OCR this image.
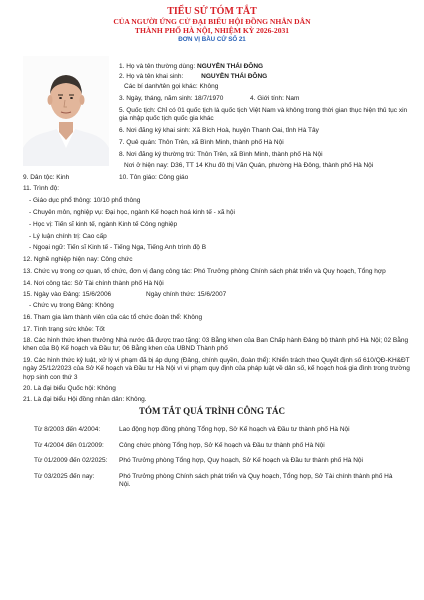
TIỂU SỬ TÓM TẮT
CỦA NGƯỜI ỨNG CỬ ĐẠI BIỂU HỘI ĐỒNG NHÂN DÂN
THÀNH PHỐ HÀ NỘI, NHIỆM KỲ 2026-2031
ĐƠN VỊ BẦU CỬ SỐ 21
1. Họ và tên thường dùng: NGUYỄN THÁI ĐÔNG
2. Họ và tên khai sinh: NGUYỄN THÁI ĐÔNG
Các bí danh/tên gọi khác: Không
3. Ngày, tháng, năm sinh: 18/7/1970	4. Giới tính: Nam
5. Quốc tịch: Chỉ có 01 quốc tịch là quốc tịch Việt Nam và không trong thời gian thục hiện thủ tục xin gia nhập quốc tịch quốc gia khác
6. Nơi đăng ký khai sinh: Xã Bích Hoà, huyện Thanh Oai, tỉnh Hà Tây
7. Quê quán: Thôn Trên, xã Bình Minh, thành phố Hà Nội
8. Nơi đăng ký thường trú: Thôn Trên, xã Bình Minh, thành phố Hà Nội
Nơi ở hiện nay: D36, TT 14 Khu đô thị Văn Quán, phường Hà Đông, thành phố Hà Nội
9. Dân tộc: Kinh	10. Tôn giáo: Công giáo
11. Trình độ:
- Giáo dục phổ thông: 10/10 phổ thông
- Chuyên môn, nghiệp vụ: Đại học, ngành Kế hoạch hoá kinh tế - xã hội
- Học vị: Tiến sĩ kinh tế, ngành Kinh tế Công nghiệp
- Lý luận chính trị: Cao cấp
- Ngoại ngữ: Tiến sĩ Kinh tế - Tiếng Nga, Tiếng Anh trình độ B
12. Nghề nghiệp hiện nay: Công chức
13. Chức vụ trong cơ quan, tổ chức, đơn vị đang công tác: Phó Trưởng phòng Chính sách phát triển và Quy hoạch, Tổng hợp
14. Nơi công tác: Sở Tài chính thành phố Hà Nội
15. Ngày vào Đảng: 15/6/2006	Ngày chính thức: 15/6/2007
- Chức vụ trong Đảng: Không
16. Tham gia làm thành viên của các tổ chức đoàn thể: Không
17. Tình trạng sức khỏe: Tốt
18. Các hình thức khen thưởng Nhà nước đã được trao tặng: 03 Bằng khen của Ban Chấp hành Đảng bộ thành phố Hà Nội; 02 Bằng khen của Bộ Kế hoạch và Đầu tư; 06 Bằng khen của UBND Thành phố
19. Các hình thức kỷ luật, xử lý vi phạm đã bị áp dụng (Đảng, chính quyền, đoàn thể): Khiển trách theo Quyết định số 610/QĐ-KH&ĐT ngày 25/12/2023 của Sở Kế hoạch và Đầu tư Hà Nội vì vi phạm quy định của pháp luật về dân số, kế hoạch hoá gia đình trong trường hợp sinh con thứ 3
20. Là đại biểu Quốc hội: Không
21. Là đại biểu Hội đồng nhân dân: Không.
TÓM TẮT QUÁ TRÌNH CÔNG TÁC
Từ 8/2003 đến 4/2004:	Lao động hợp đồng phòng Tổng hợp, Sở Kế hoạch và Đầu tư thành phố Hà Nội
Từ 4/2004 đến 01/2009: Công chức phòng Tổng hợp, Sở Kế hoạch và Đầu tư thành phố Hà Nội
Từ 01/2009 đến 02/2025: Phó Trưởng phòng Tổng hợp, Quy hoạch, Sở Kế hoạch và Đầu tư thành phố Hà Nội
Từ 03/2025 đến nay:	Phó Trưởng phòng Chính sách phát triển và Quy hoạch, Tổng hợp, Sở Tài chính thành phố Hà Nội.
